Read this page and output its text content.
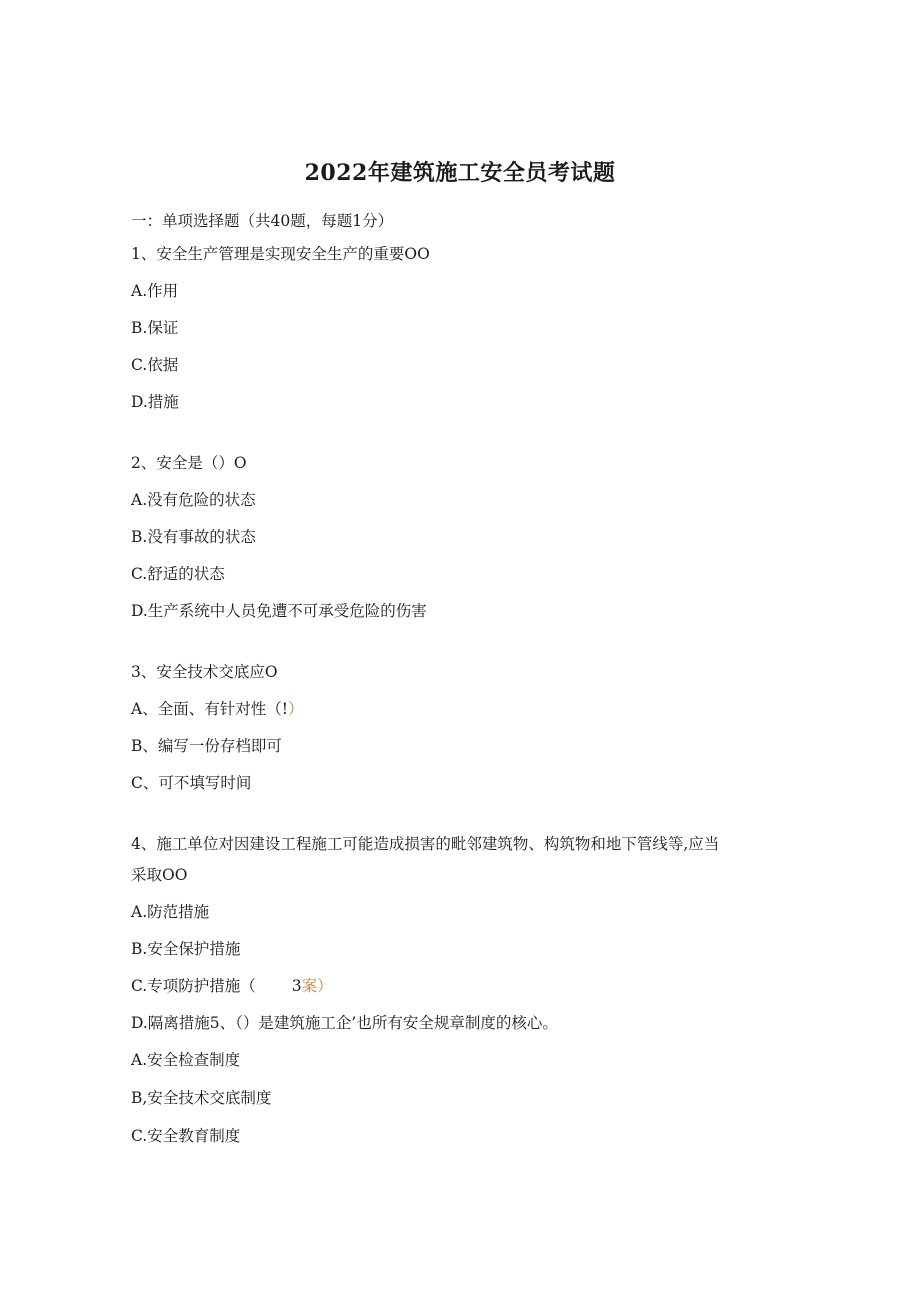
2022年建筑施工安全员考试题
一：单项选择题（共40题，每题1分）
1、安全生产管理是实现安全生产的重要OO
A.作用
B.保证
C.依据
D.措施
2、安全是（）O
A.没有危险的状态
B.没有事故的状态
C.舒适的状态
D.生产系统中人员免遭不可承受危险的伤害
3、安全技术交底应O
A、全面、有针对性（!）
B、编写一份存档即可
C、可不填写时间
4、施工单位对因建设工程施工可能造成损害的毗邻建筑物、构筑物和地下管线等,应当
采取OO
A.防范措施
B.安全保护措施
C.专项防护措施（ 3案）
D.隔离措施5、（）是建筑施工企’也所有安全规章制度的核心。
A.安全检查制度
B,安全技术交底制度
C.安全教育制度
